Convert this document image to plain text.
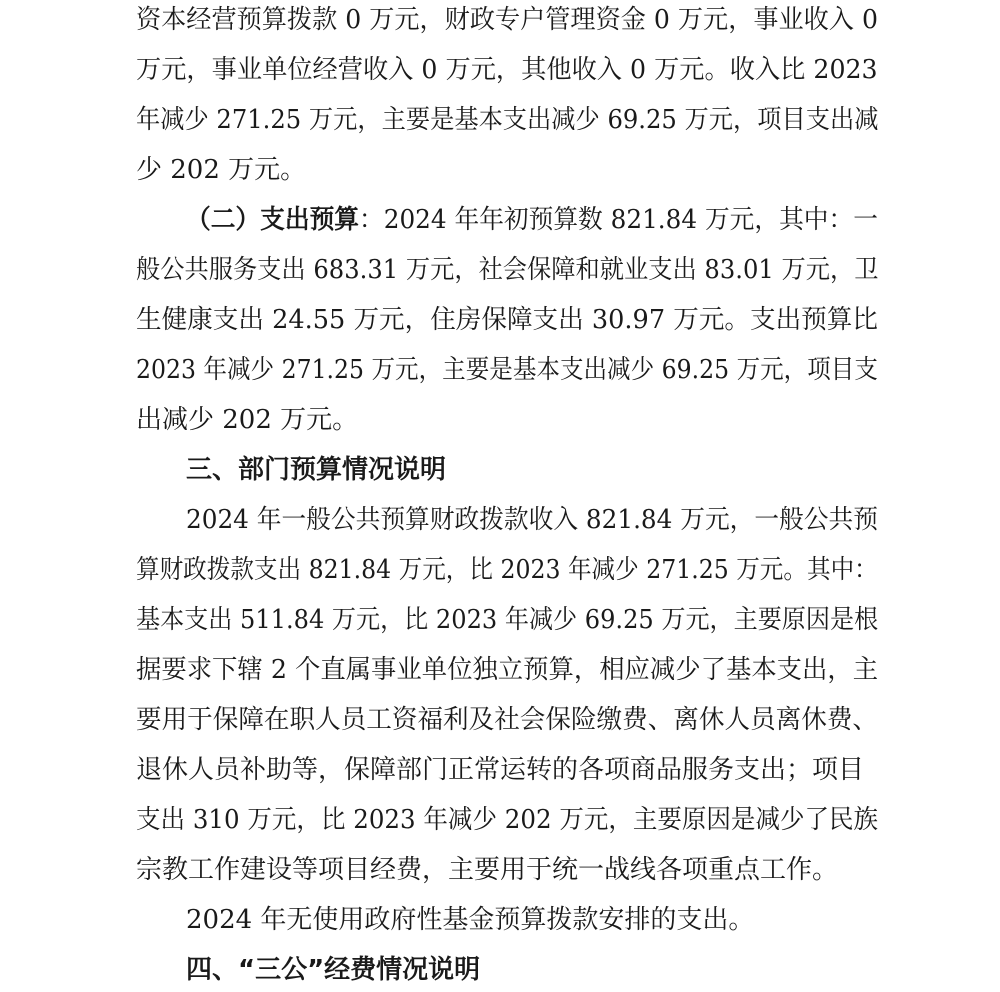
资本经营预算拨款 0 万元，财政专户管理资金 0 万元，事业收入 0

万元，事业单位经营收入 0 万元，其他收入 0 万元。收入比 2023

年减少 271.25 万元，主要是基本支出减少 69.25 万元，项目支出减

少 202 万元。

（二）支出预算：2024 年年初预算数 821.84 万元，其中：一

般公共服务支出 683.31 万元，社会保障和就业支出 83.01 万元，卫

生健康支出 24.55 万元，住房保障支出 30.97 万元。支出预算比

2023 年减少 271.25 万元，主要是基本支出减少 69.25 万元，项目支

出减少 202 万元。

三、部门预算情况说明

2024 年一般公共预算财政拨款收入 821.84 万元，一般公共预

算财政拨款支出 821.84 万元，比 2023 年减少 271.25 万元。其中：

基本支出 511.84 万元，比 2023 年减少 69.25 万元，主要原因是根

据要求下辖 2 个直属事业单位独立预算，相应减少了基本支出，主

要用于保障在职人员工资福利及社会保险缴费、离休人员离休费、

退休人员补助等，保障部门正常运转的各项商品服务支出；项目

支出 310 万元，比 2023 年减少 202 万元，主要原因是减少了民族

宗教工作建设等项目经费，主要用于统一战线各项重点工作。

2024 年无使用政府性基金预算拨款安排的支出。

四、“三公”经费情况说明
